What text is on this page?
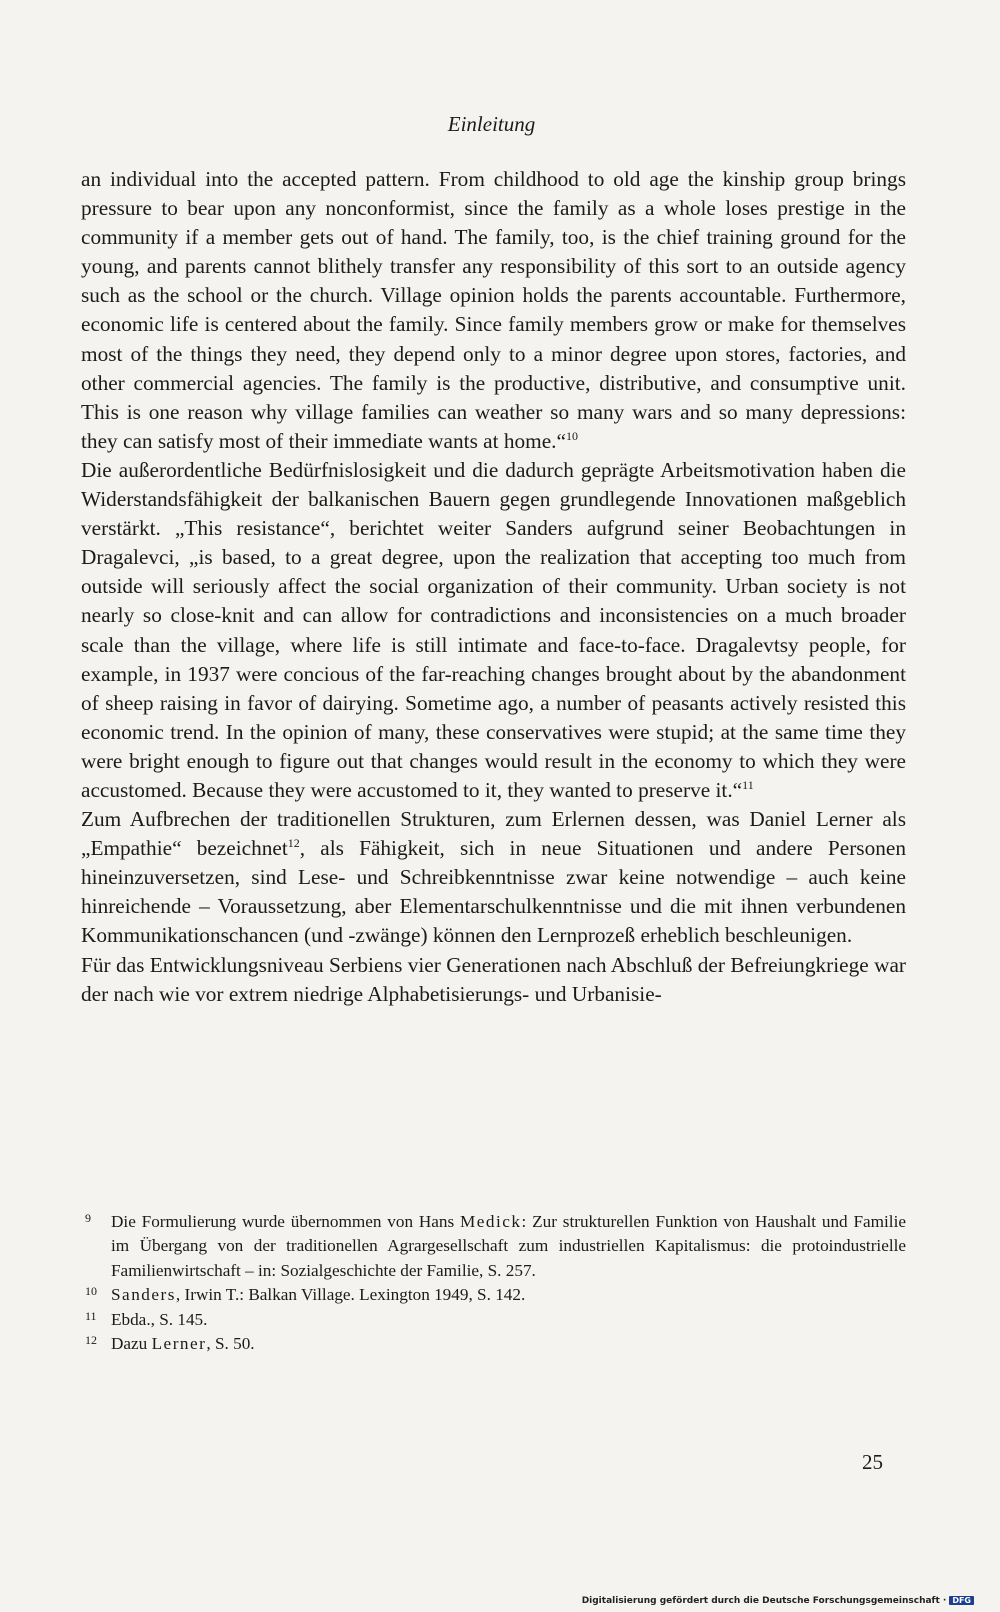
Einleitung

an individual into the accepted pattern. From childhood to old age the kinship group brings pressure to bear upon any nonconformist, since the family as a whole loses prestige in the community if a member gets out of hand. The family, too, is the chief training ground for the young, and parents cannot blithely transfer any responsibility of this sort to an outside agency such as the school or the church. Village opinion holds the parents accountable. Furthermore, economic life is centered about the family. Since family members grow or make for themselves most of the things they need, they depend only to a minor degree upon stores, factories, and other commercial agencies. The family is the productive, distributive, and consumptive unit. This is one reason why village families can weather so many wars and so many depressions: they can satisfy most of their immediate wants at home.“$^{10}$

Die außerordentliche Bedürfnislosigkeit und die dadurch geprägte Arbeitsmotivation haben die Widerstandsfähigkeit der balkanischen Bauern gegen grundlegende Innovationen maßgeblich verstärkt. „This resistance“, berichtet weiter Sanders aufgrund seiner Beobachtungen in Dragalevci, „is based, to a great degree, upon the realization that accepting too much from outside will seriously affect the social organization of their community. Urban society is not nearly so close-knit and can allow for contradictions and inconsistencies on a much broader scale than the village, where life is still intimate and face-to-face. Dragalevtsy people, for example, in 1937 were concious of the far-reaching changes brought about by the abandonment of sheep raising in favor of dairying. Sometime ago, a number of peasants actively resisted this economic trend. In the opinion of many, these conservatives were stupid; at the same time they were bright enough to figure out that changes would result in the economy to which they were accustomed. Because they were accustomed to it, they wanted to preserve it.“$^{11}$

Zum Aufbrechen der traditionellen Strukturen, zum Erlernen dessen, was Daniel Lerner als „Empathie“ bezeichnet$^{12}$, als Fähigkeit, sich in neue Situationen und andere Personen hineinzuversetzen, sind Lese- und Schreibkenntnisse zwar keine notwendige – auch keine hinreichende – Voraussetzung, aber Elementarschulkenntnisse und die mit ihnen verbundenen Kommunikationschancen (und -zwänge) können den Lernprozeß erheblich beschleunigen.

Für das Entwicklungsniveau Serbiens vier Generationen nach Abschluß der Befreiungkriege war der nach wie vor extrem niedrige Alphabetisierungs- und Urbanisie-

9 Die Formulierung wurde übernommen von Hans Medick: Zur strukturellen Funktion von Haushalt und Familie im Übergang von der traditionellen Agrargesellschaft zum industriellen Kapitalismus: die protoindustrielle Familienwirtschaft – in: Sozialgeschichte der Familie, S. 257.
10 Sanders, Irwin T.: Balkan Village. Lexington 1949, S. 142.
11 Ebda., S. 145.
12 Dazu Lerner, S. 50.
25
Digitalisierung gefördert durch die Deutsche Forschungsgemeinschaft · DFG
